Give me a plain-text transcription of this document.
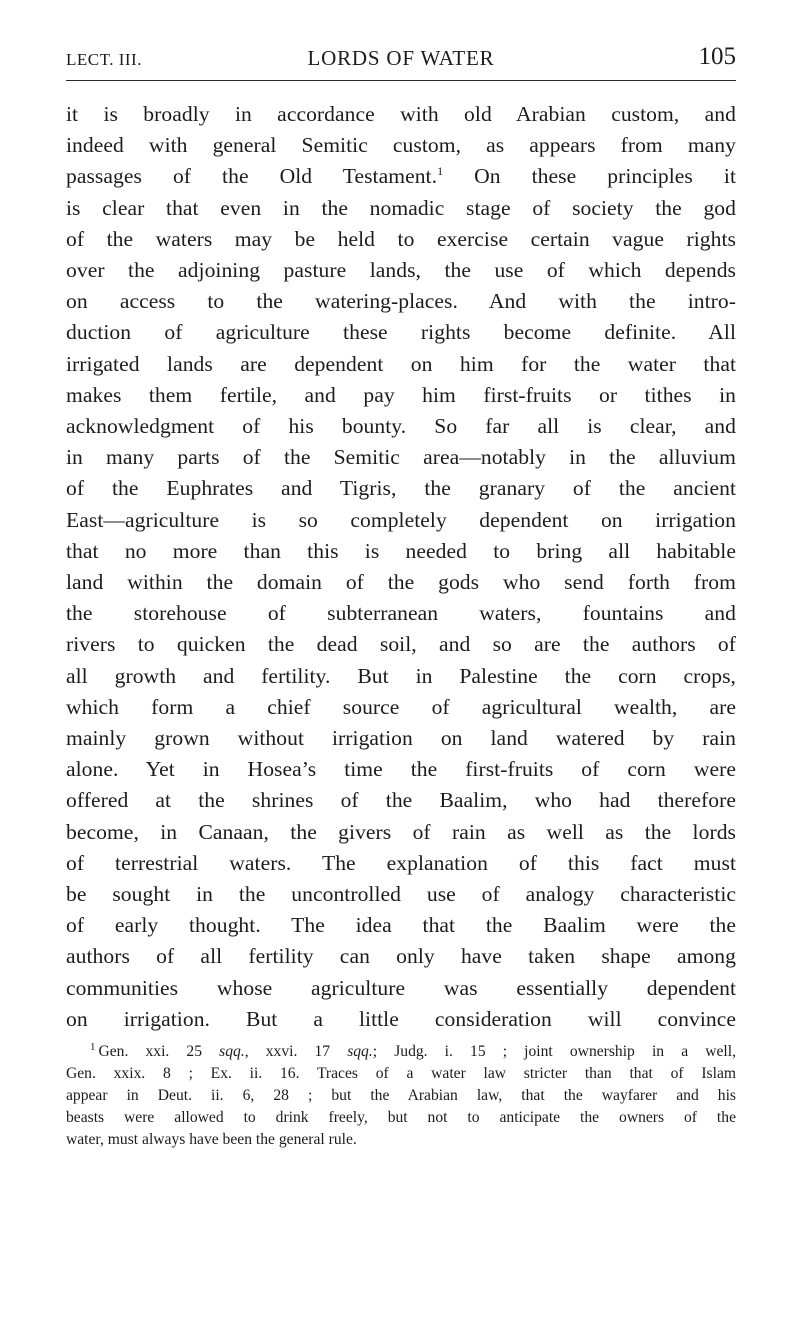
LECT. III.	LORDS OF WATER	105
it is broadly in accordance with old Arabian custom, and
indeed with general Semitic custom, as appears from many
passages of the Old Testament.$^1$ On these principles it
is clear that even in the nomadic stage of society the god
of the waters may be held to exercise certain vague rights
over the adjoining pasture lands, the use of which depends
on access to the watering-places. And with the intro-
duction of agriculture these rights become definite. All
irrigated lands are dependent on him for the water that
makes them fertile, and pay him first-fruits or tithes in
acknowledgment of his bounty. So far all is clear, and
in many parts of the Semitic area—notably in the alluvium
of the Euphrates and Tigris, the granary of the ancient
East—agriculture is so completely dependent on irrigation
that no more than this is needed to bring all habitable
land within the domain of the gods who send forth from
the storehouse of subterranean waters, fountains and
rivers to quicken the dead soil, and so are the authors of
all growth and fertility. But in Palestine the corn crops,
which form a chief source of agricultural wealth, are
mainly grown without irrigation on land watered by rain
alone. Yet in Hosea’s time the first-fruits of corn were
offered at the shrines of the Baalim, who had therefore
become, in Canaan, the givers of rain as well as the lords
of terrestrial waters. The explanation of this fact must
be sought in the uncontrolled use of analogy characteristic
of early thought. The idea that the Baalim were the
authors of all fertility can only have taken shape among
communities whose agriculture was essentially dependent
on irrigation. But a little consideration will convince
$^1$ Gen. xxi. 25 sqq., xxvi. 17 sqq.; Judg. i. 15 ; joint ownership in a well,
Gen. xxix. 8 ; Ex. ii. 16. Traces of a water law stricter than that of Islam
appear in Deut. ii. 6, 28 ; but the Arabian law, that the wayfarer and his
beasts were allowed to drink freely, but not to anticipate the owners of the
water, must always have been the general rule.
